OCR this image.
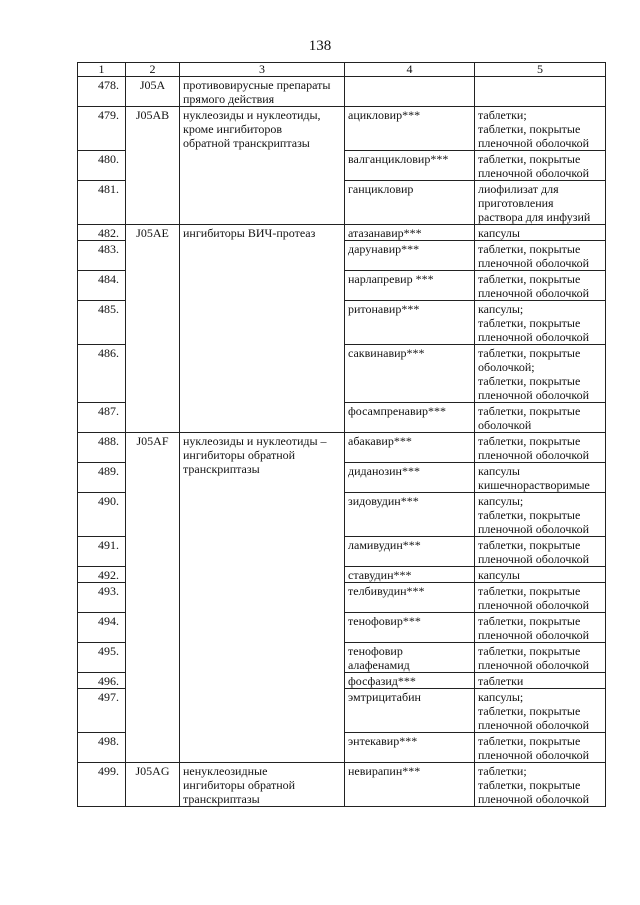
138
1	2	3	4	5
478.	J05A	противовирусные препараты
прямого действия		
479.	J05AB	нуклеозиды и нуклеотиды,
кроме ингибиторов
обратной транскриптазы	ацикловир***	таблетки;
таблетки, покрытые
пленочной оболочкой
480.			валганцикловир***	таблетки, покрытые
пленочной оболочкой
481.			ганцикловир	лиофилизат для
приготовления
раствора для инфузий
482.	J05AE	ингибиторы ВИЧ-протеаз	атазанавир***	капсулы
483.			дарунавир***	таблетки, покрытые
пленочной оболочкой
484.			нарлапревир ***	таблетки, покрытые
пленочной оболочкой
485.			ритонавир***	капсулы;
таблетки, покрытые
пленочной оболочкой
486.			саквинавир***	таблетки, покрытые
оболочкой;
таблетки, покрытые
пленочной оболочкой
487.			фосампренавир***	таблетки, покрытые
оболочкой
488.	J05AF	нуклеозиды и нуклеотиды –
ингибиторы обратной
транскриптазы	абакавир***	таблетки, покрытые
пленочной оболочкой
489.			диданозин***	капсулы
кишечнорастворимые
490.			зидовудин***	капсулы;
таблетки, покрытые
пленочной оболочкой
491.			ламивудин***	таблетки, покрытые
пленочной оболочкой
492.			ставудин***	капсулы
493.			телбивудин***	таблетки, покрытые
пленочной оболочкой
494.			тенофовир***	таблетки, покрытые
пленочной оболочкой
495.			тенофовир
алафенамид	таблетки, покрытые
пленочной оболочкой
496.			фосфазид***	таблетки
497.			эмтрицитабин	капсулы;
таблетки, покрытые
пленочной оболочкой
498.			энтекавир***	таблетки, покрытые
пленочной оболочкой
499.	J05AG	ненуклеозидные
ингибиторы обратной
транскриптазы	невирапин***	таблетки;
таблетки, покрытые
пленочной оболочкой
